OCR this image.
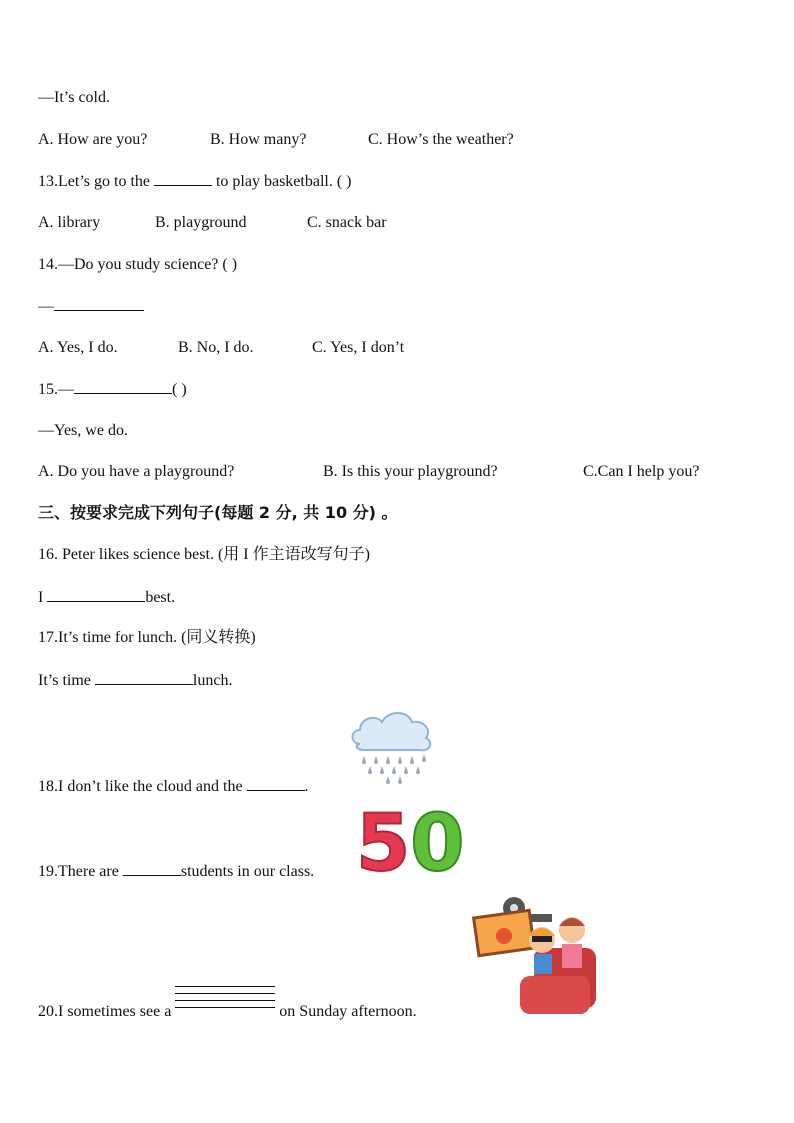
—It’s cold.
A. How are you?	B. How many?	C. How’s the weather?
13.Let’s go to the	to play basketball. ( )
A. library	B. playground	C. snack bar
14.—Do you study science? ( )
—
A. Yes, I do.	B. No, I do.	C. Yes, I don’t
15.—	( )
—Yes, we do.
A. Do you have a playground?	B. Is this your playground?	C.Can I help you?
三、按要求完成下列句子(每题 2 分, 共 10 分) 。
16. Peter likes science best. (用 I 作主语改写句子)
I	best.
17.It’s time for lunch. (同义转换)
It’s time	lunch.
18.I don’t like the cloud and the	.
50
19.There are	students in our class.
20.I sometimes see a	on Sunday afternoon.
